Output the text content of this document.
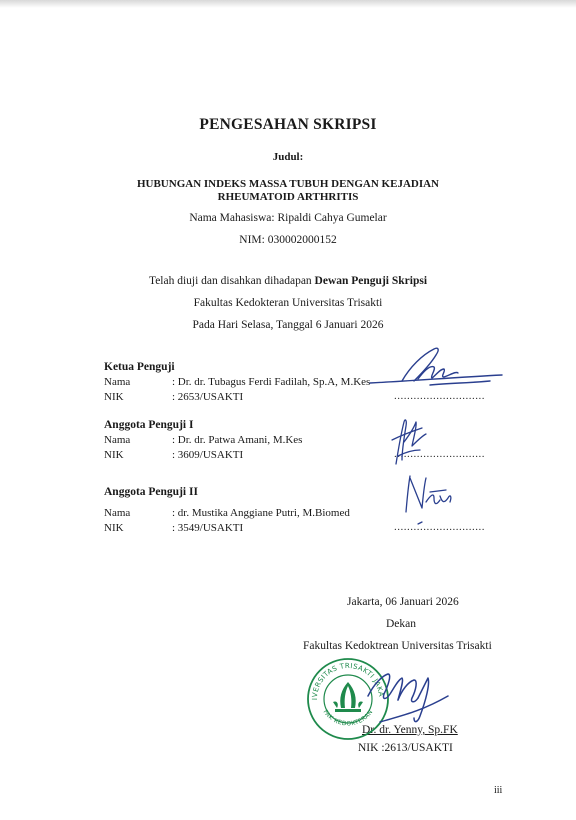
PENGESAHAN SKRIPSI
Judul:
HUBUNGAN INDEKS MASSA TUBUH DENGAN KEJADIAN
RHEUMATOID ARTHRITIS
Nama Mahasiswa: Ripaldi Cahya Gumelar
NIM: 030002000152
Telah diuji dan disahkan dihadapan Dewan Penguji Skripsi
Fakultas Kedokteran Universitas Trisakti
Pada Hari Selasa, Tanggal 6 Januari 2026
Ketua Penguji
Nama	: Dr. dr. Tubagus Ferdi Fadilah, Sp.A, M.Kes
NIK	: 2653/USAKTI	............................
Anggota Penguji I
Nama	: Dr. dr. Patwa Amani, M.Kes
NIK	: 3609/USAKTI	............................
Anggota Penguji II
Nama	: dr. Mustika Anggiane Putri, M.Biomed
NIK	: 3549/USAKTI	............................
Jakarta, 06 Januari 2026
Dekan
Fakultas Kedoktrean Universitas Trisakti
Dr. dr. Yenny, Sp.FK
NIK :2613/USAKTI
iii
UNIVERSITAS TRISAKTI JAKARTA
FAK KEDOKTERAN
